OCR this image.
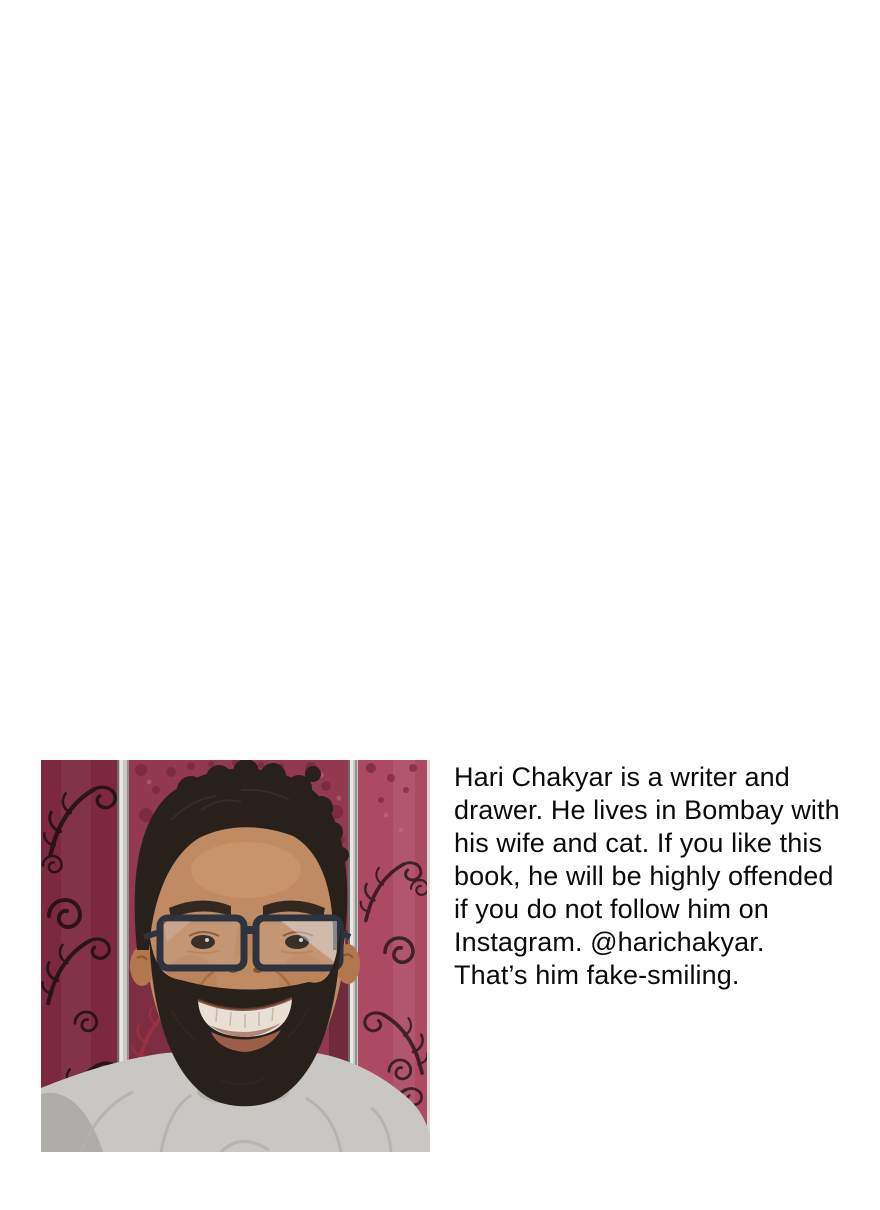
Hari Chakyar is a writer and
drawer. He lives in Bombay with
his wife and cat. If you like this
book, he will be highly offended
if you do not follow him on
Instagram. @harichakyar.
That’s him fake-smiling.
